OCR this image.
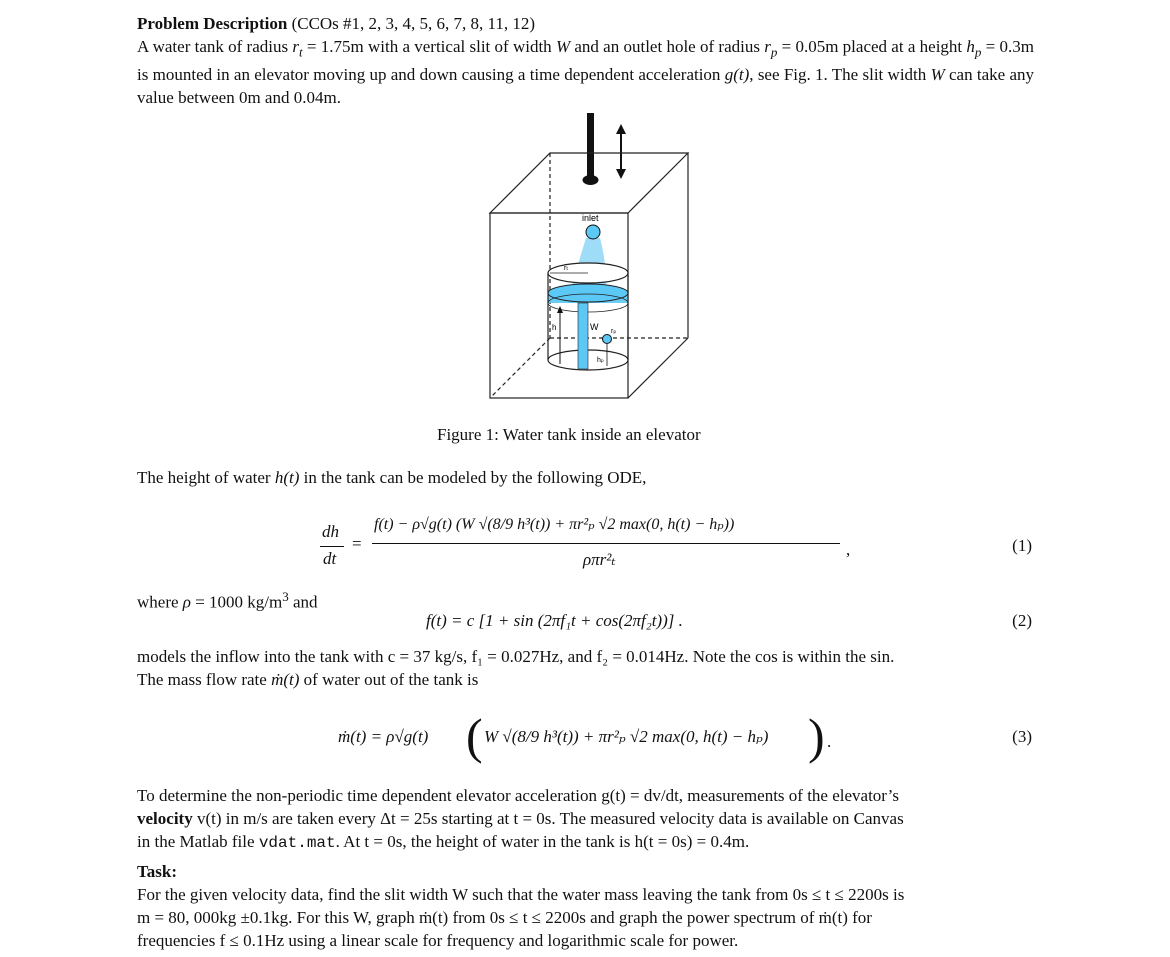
Problem Description (CCOs #1, 2, 3, 4, 5, 6, 7, 8, 11, 12)
A water tank of radius $r_t = 1.75m$ with a vertical slit of width W and an outlet hole of radius $r_p = 0.05m$ placed at a height $h_p = 0.3m$ is mounted in an elevator moving up and down causing a time dependent acceleration g(t), see Fig. 1. The slit width W can take any value between 0m and 0.04m.
inlet
rₜ
h	W rₚ
hₚ
Figure 1: Water tank inside an elevator
The height of water h(t) in the tank can be modeled by the following ODE,
dh
dt
=
f(t) − ρ√g(t) (W √(8/9 h³(t)) + πr²ₚ √2 max(0, h(t) − hₚ))
ρπr²ₜ
,	(1)
where ρ = 1000 $kg/m^3$ and
f(t) = c [1 + sin (2πf₁t + cos(2πf₂t))] .	(2)
models the inflow into the tank with c = 37 kg/s, f₁ = 0.027Hz, and f₂ = 0.014Hz. Note the cos is within the sin.
The mass flow rate ṁ(t) of water out of the tank is
ṁ(t) = ρ√g(t) ( W √(8/9 h³(t)) + πr²ₚ √2 max(0, h(t) − hₚ) ) .	(3)
To determine the non-periodic time dependent elevator acceleration g(t) = dv/dt, measurements of the elevator’s
velocity v(t) in m/s are taken every Δt = 25s starting at t = 0s. The measured velocity data is available on Canvas
in the Matlab file vdat.mat. At t = 0s, the height of water in the tank is h(t = 0s) = 0.4m.
Task:
For the given velocity data, find the slit width W such that the water mass leaving the tank from 0s ≤ t ≤ 2200s is
m = 80, 000kg ±0.1kg. For this W, graph ṁ(t) from 0s ≤ t ≤ 2200s and graph the power spectrum of ṁ(t) for
frequencies f ≤ 0.1Hz using a linear scale for frequency and logarithmic scale for power.
